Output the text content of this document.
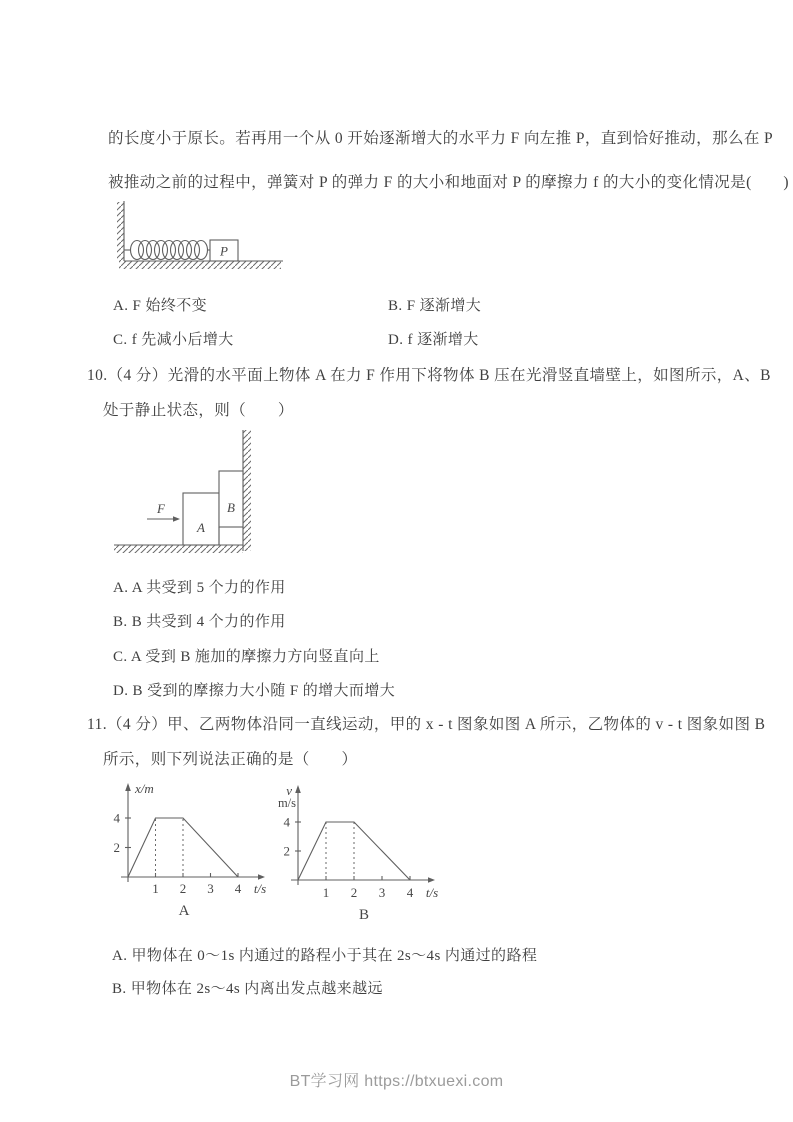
的长度小于原长。若再用一个从 0 开始逐渐增大的水平力 F 向左推 P，直到恰好推动，那么在 P
被推动之前的过程中，弹簧对 P 的弹力 F 的大小和地面对 P 的摩擦力 f 的大小的变化情况是(　　)
P
A. F 始终不变	B. F 逐渐增大
C. f 先减小后增大	D. f 逐渐增大
10.（4 分）光滑的水平面上物体 A 在力 F 作用下将物体 B 压在光滑竖直墙壁上，如图所示，A、B
处于静止状态，则（　　）
A
B
F
A. A 共受到 5 个力的作用
B. B 共受到 4 个力的作用
C. A 受到 B 施加的摩擦力方向竖直向上
D. B 受到的摩擦力大小随 F 的增大而增大
11.（4 分）甲、乙两物体沿同一直线运动，甲的 x - t 图象如图 A 所示，乙物体的 v - t 图象如图 B
所示，则下列说法正确的是（　　）
x/m
2
4
1 2 3 4 t/s
A
v
m/s
2
4
1 2 3 4 t/s
B
A. 甲物体在 0～1s 内通过的路程小于其在 2s～4s 内通过的路程
B. 甲物体在 2s～4s 内离出发点越来越远
BT学习网 https://btxuexi.com
